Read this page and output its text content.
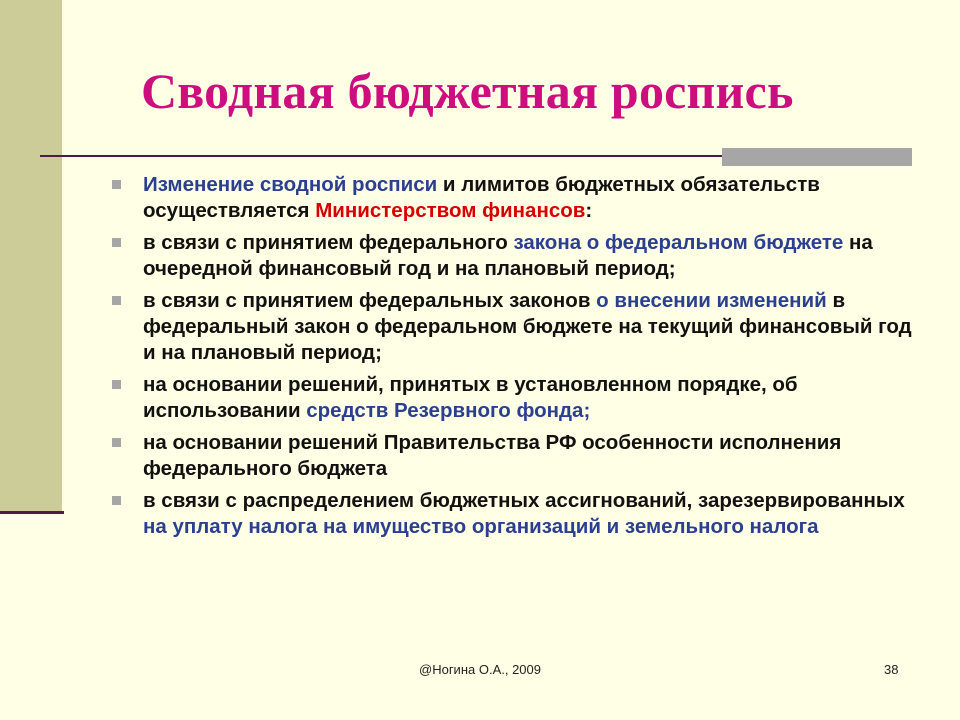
Сводная бюджетная роспись
Изменение сводной росписи и лимитов бюджетных обязательств осуществляется Министерством финансов:
в связи с принятием федерального закона о федеральном бюджете на очередной финансовый год и на плановый период;
в связи с принятием федеральных законов о внесении изменений в федеральный закон о федеральном бюджете на текущий финансовый год и на плановый период;
на основании решений, принятых в установленном порядке, об использовании средств Резервного фонда;
на основании решений Правительства РФ особенности исполнения федерального бюджета
в связи с распределением бюджетных ассигнований, зарезервированных на уплату налога на имущество организаций и земельного налога
@Ногина О.А., 2009	38
